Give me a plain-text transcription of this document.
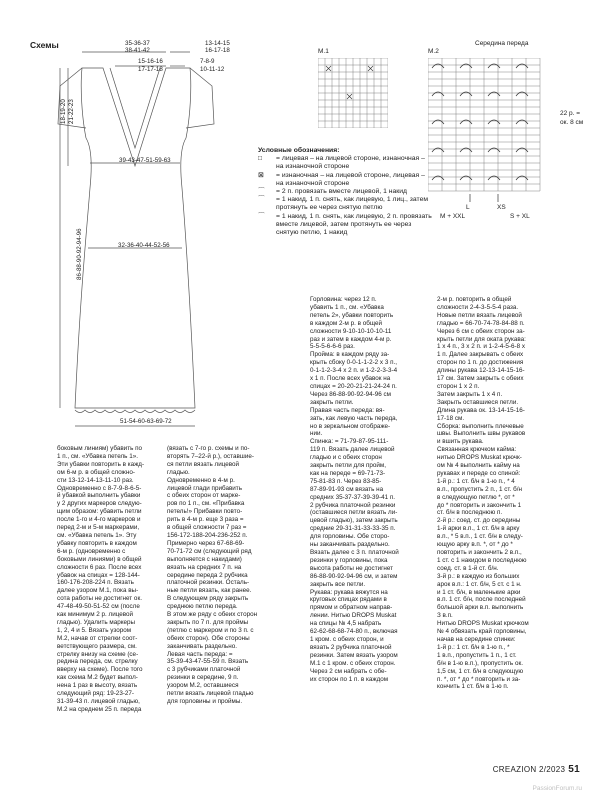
Схемы	35-36-37
38-41-42
13-14-15
16-17-18
15-16-16
17-17-18
7-8-9
10-11-12
18-19-20 21-22-23
39-43-47-51-59-63
32-36-40-44-52-56
86-88-90-92-94-96
51-54-60-63-69-72
M.1	M.2
Середина переда
22 р. =
ок. 8 см
L	XS
M + XXL	S + XL
Условные обозначения:
□	= лицевая – на лицевой стороне, изнаночная – на изнаночной стороне
⊠	= изнаночная – на лицевой стороне, лицевая – на изнаночной стороне
⌒	= 2 п. провязать вместе лицевой, 1 накид
⌒	= 1 накид, 1 п. снять, как лицевую, 1 лиц., затем протянуть ее через снятую петлю
⌒	= 1 накид, 1 п. снять, как лицевую, 2 п. провязать вместе лицевой, затем протянуть ее через снятую петлю, 1 накид
боковым линиям) убавить по
1 п., см. «Убавка петель 1».
Эти убавки повторить в кажд-
ом 6-м р. в общей сложно-
сти 13-12-14-13-11-10 раз.
Одновременно с 8-7-9-8-6-5-
й убавкой выполнить убавки
у 2 других маркеров следую-
щим образом: убавить петли
после 1-го и 4-го маркеров и
перед 2-м и 5-м маркерами,
см. «Убавка петель 1». Эту
убавку повторить в каждом
6-м р. (одновременно с
боковыми линиями) в общей
сложности 6 раз. После всех
убавок на спицах = 128-144-
160-176-208-224 п. Вязать
далее узором М.1, пока вы-
сота работы не достигнет ок.
47-48-49-50-51-52 см (после
как минимум 2 р. лицевой
гладью). Удалить маркеры
1, 2, 4 и 5. Вязать узором
М.2, начав от стрелки соот-
ветствующего размера, см.
стрелку внизу на схеме (се-
редина переда, см. стрелку
вверху на схеме). После того
как схема М.2 будет выпол-
нена 1 раз в высоту, вязать
следующий ряд: 19-23-27-
31-39-43 п. лицевой гладью,
М.2 на среднем 25 п. переда
(вязать с 7-го р. схемы и по-
вторять 7–22-й р.), оставшие-
ся петли вязать лицевой
гладью.
Одновременно в 4-м р.
лицевой глади прибавить
с обеих сторон от марке-
ров по 1 п., см. «Прибавка
петель!» Прибавки повто-
рить в 4-м р. еще 3 раза =
в общей сложности 7 раз =
156-172-188-204-236-252 п.
Примерно через 67-68-69-
70-71-72 см (следующий ряд
выполняется с накидами)
вязать на средних 7 п. на
середине переда 2 рубчика
платочной резинки. Осталь-
ные петли вязать, как ранее.
В следующем ряду закрыть
среднюю петлю переда.
В этом же ряду с обеих сторон
закрыть по 7 п. для проймы
(петлю с маркером и по 3 п. с
обеих сторон). Обе стороны
заканчивать раздельно.
Левая часть переда: =
35-39-43-47-55-59 п. Вязать
с 3 рубчиками платочной
резинки в середине, 9 п.
узором М.2, оставшиеся
петли вязать лицевой гладью
для горловины и проймы.
Горловина: через 12 п.
убавить 1 п., см. «Убавка
петель 2», убавки повторить
в каждом 2-м р. в общей
сложности 9-10-10-10-10-11
раз и затем в каждом 4-м р.
5-5-5-6-6-6 раз.
Пройма: в каждом ряду за-
крыть сбоку 0-0-1-1-2-2 х 3 п.,
0-1-1-2-3-4 х 2 п. и 1-2-2-3-3-4
х 1 п. После всех убавок на
спицах = 20-20-21-21-24-24 п.
Через 86-88-90-92-94-96 см
закрыть петли.
Правая часть переда: вя-
зать, как левую часть переда,
но в зеркальном отображе-
нии.
Спинка: = 71-79-87-95-111-
119 п. Вязать далее лицевой
гладью и с обеих сторон
закрыть петли для пройм,
как на переде = 69-71-73-
75-81-83 п. Через 83-85-
87-89-91-93 см вязать на
средних 35-37-37-39-39-41 п.
2 рубчика платочной резинки
(оставшиеся петли вязать ли-
цевой гладью), затем закрыть
средние 29-31-31-33-33-35 п.
для горловины. Обе сторо-
ны заканчивать раздельно.
Вязать далее с 3 п. платочной
резинки у горловины, пока
высота работы не достигнет
86-88-90-92-94-96 см, и затем
закрыть все петли.
Рукава: рукава вяжутся на
круговых спицах рядами в
прямом и обратном направ-
лении. Нитью DROPS Muskat
на спицы № 4,5 набрать
62-62-68-68-74-80 п., включая
1 кром. с обеих сторон, и
вязать 2 рубчика платочной
резинки. Затем вязать узором
М.1 с 1 кром. с обеих сторон.
Через 2 см набрать с обе-
их сторон по 1 п. в каждом
2-м р. повторить в общей
сложности 2-4-3-5-5-4 раза.
Новые петли вязать лицевой
гладью = 66-70-74-78-84-88 п.
Через 6 см с обеих сторон за-
крыть петли для оката рукава:
1 х 4 п., 3 х 2 п. и 1-2-4-5-6-8 х
1 п. Далее закрывать с обеих
сторон по 1 п. до достижения
длины рукава 12-13-14-15-16-
17 см. Затем закрыть с обеих
сторон 1 х 2 п.
Затем закрыть 1 х 4 п.
Закрыть оставшиеся петли.
Длина рукава ок. 13-14-15-16-
17-18 см.
Сборка: выполнить плечевые
швы. Выполнить швы рукавов
и вшить рукава.
Связанная крючком кайма:
нитью DROPS Muskat крючк-
ом № 4 выполнить кайму на
рукавах и переде со спиной:
1-й р.: 1 ст. б/н в 1-ю п., * 4
в.п., пропустить 2 п., 1 ст. б/н
в следующую петлю *, от *
до * повторить и закончить 1
ст. б/н в последнюю п.
2-й р.: соед. ст. до середины
1-й арки в.п., 1 ст. б/н в арку
в.п., * 5 в.п., 1 ст. б/н в следу-
ющую арку в.п. *, от * до *
повторить и закончить 2 в.п.,
1 ст. с 1 накидом в последнюю
соед. ст. в 1-й ст. б/н.
3-й р.: в каждую из больших
арок в.п.: 1 ст. б/н, 5 ст. с 1 н.
и 1 ст. б/н, в маленькие арки
в.п. 1 ст. б/н, после последней
большой арки в.п. выполнить
З в.п.
Нитью DROPS Muskat крючком
№ 4 обвязать край горловины,
начав на середине спинки:
1-й р.: 1 ст. б/н в 1-ю п., *
1 в.п., пропустить 1 п., 1 ст.
б/н в 1-ю в.п.), пропустить ок.
1,5 см, 1 ст. б/н в следующую
п. *, от * до * повторить и за-
кончить 1 ст. б/н в 1-ю п.
CREAZION 2/2023 51
PassionForum.ru
